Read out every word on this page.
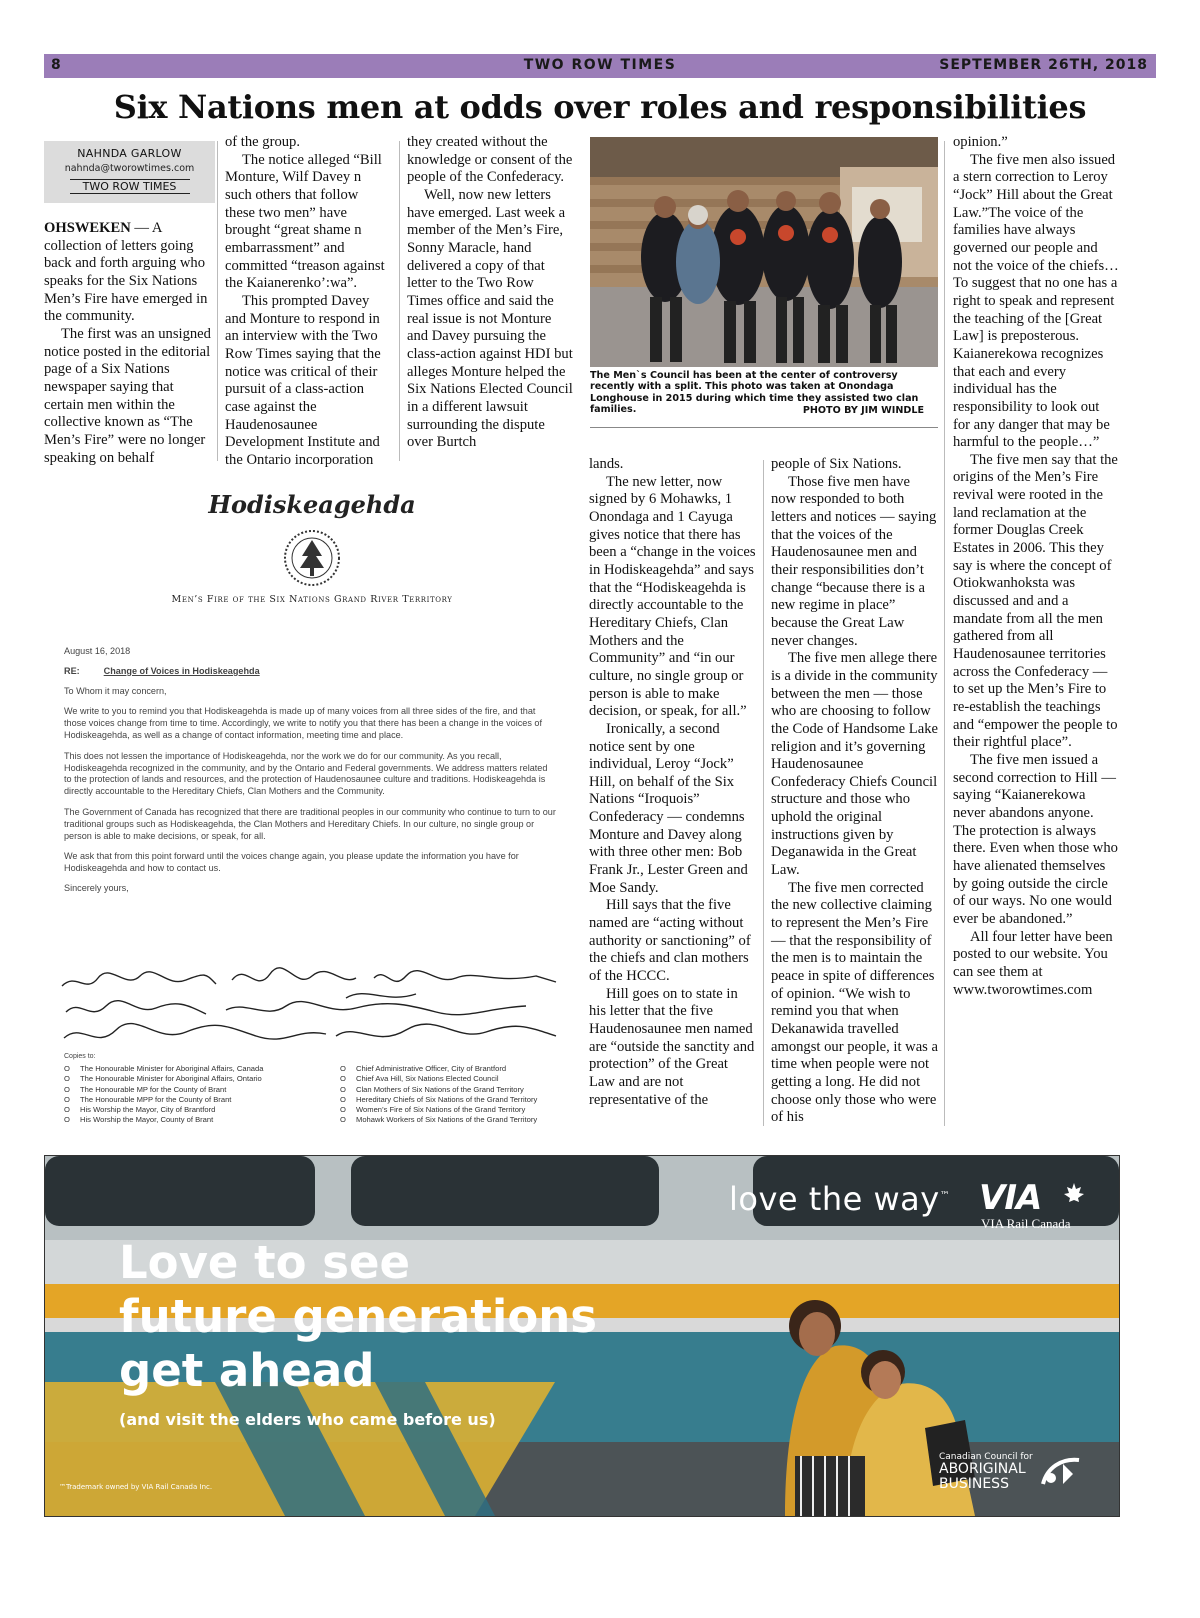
8	TWO ROW TIMES	SEPTEMBER 26TH, 2018
Six Nations men at odds over roles and responsibilities
NAHNDA GARLOW
nahnda@tworowtimes.com
TWO ROW TIMES

OHSWEKEN — A collection of letters going back and forth arguing who speaks for the Six Nations Men’s Fire have emerged in the community.

The first was an unsigned notice posted in the editorial page of a Six Nations newspaper saying that certain men within the collective known as “The Men’s Fire” were no longer speaking on behalf

of the group.

The notice alleged “Bill Monture, Wilf Davey n such others that follow these two men” have brought “great shame n embarrassment” and committed “treason against the Kaianerenko’:wa”.

This prompted Davey and Monture to respond in an interview with the Two Row Times saying that the notice was critical of their pursuit of a class-action case against the Haudenosaunee Development Institute and the Ontario incorporation

they created without the knowledge or consent of the people of the Confederacy.

Well, now new letters have emerged. Last week a member of the Men’s Fire, Sonny Maracle, hand delivered a copy of that letter to the Two Row Times office and said the real issue is not Monture and Davey pursuing the class-action against HDI but alleges Monture helped the Six Nations Elected Council in a different lawsuit surrounding the dispute over Burtch

lands.

The new letter, now signed by 6 Mohawks, 1 Onondaga and 1 Cayuga gives notice that there has been a “change in the voices in Hodiskeagehda” and says that the “Hodiskeagehda is directly accountable to the Hereditary Chiefs, Clan Mothers and the Community” and “in our culture, no single group or person is able to make decision, or speak, for all.”

Ironically, a second notice sent by one individual, Leroy “Jock” Hill, on behalf of the Six Nations “Iroquois” Confederacy — condemns Monture and Davey along with three other men: Bob Frank Jr., Lester Green and Moe Sandy.

Hill says that the five named are “acting without authority or sanctioning” of the chiefs and clan mothers of the HCCC.

Hill goes on to state in his letter that the five Haudenosaunee men named are “outside the sanctity and protection” of the Great Law and are not representative of the

people of Six Nations.

Those five men have now responded to both letters and notices — saying that the voices of the Haudenosaunee men and their responsibilities don’t change “because there is a new regime in place” because the Great Law never changes.

The five men allege there is a divide in the community between the men — those who are choosing to follow the Code of Handsome Lake religion and it’s governing Haudenosaunee Confederacy Chiefs Council structure and those who uphold the original instructions given by Deganawida in the Great Law.

The five men corrected the new collective claiming to represent the Men’s Fire — that the responsibility of the men is to maintain the peace in spite of differences of opinion. “We wish to remind you that when Dekanawida travelled amongst our people, it was a time when people were not getting a long. He did not choose only those who were of his

opinion.”

The five men also issued a stern correction to Leroy “Jock” Hill about the Great Law.”The voice of the families have always governed our people and not the voice of the chiefs…To suggest that no one has a right to speak and represent the teaching of the [Great Law] is preposterous. Kaianerekowa recognizes that each and every individual has the responsibility to look out for any danger that may be harmful to the people…”

The five men say that the origins of the Men’s Fire revival were rooted in the land reclamation at the former Douglas Creek Estates in 2006. This they say is where the concept of Otiokwanhoksta was discussed and and a mandate from all the men gathered from all Haudenosaunee territories across the Confederacy — to set up the Men’s Fire to re-establish the teachings and “empower the people to their rightful place”.

The five men issued a second correction to Hill — saying “Kaianerekowa never abandons anyone. The protection is always there. Even when those who have alienated themselves by going outside the circle of our ways. No one would ever be abandoned.”

All four letter have been posted to our website. You can see them at www.tworowtimes.com

The Men`s Council has been at the center of controversy recently with a split. This photo was taken at Onondaga Longhouse in 2015 during which time they assisted two clan families.	PHOTO BY JIM WINDLE
Hodiskeagehda
Men’s Fire of the Six Nations Grand River Territory
August 16, 2018
RE:	Change of Voices in Hodiskeagehda
To Whom it may concern,
We write to you to remind you that Hodiskeagehda is made up of many voices from all three sides of the fire, and that those voices change from time to time. Accordingly, we write to notify you that there has been a change in the voices of Hodiskeagehda, as well as a change of contact information, meeting time and place.
This does not lessen the importance of Hodiskeagehda, nor the work we do for our community. As you recall, Hodiskeagehda recognized in the community, and by the Ontario and Federal governments. We address matters related to the protection of lands and resources, and the protection of Haudenosaunee culture and traditions. Hodiskeagehda is directly accountable to the Hereditary Chiefs, Clan Mothers and the Community.
The Government of Canada has recognized that there are traditional peoples in our community who continue to turn to our traditional groups such as Hodiskeagehda, the Clan Mothers and Hereditary Chiefs. In our culture, no single group or person is able to make decisions, or speak, for all.
We ask that from this point forward until the voices change again, you please update the information you have for Hodiskeagehda and how to contact us.
Sincerely yours,
Copies to:
O The Honourable Minister for Aboriginal Affairs, Canada
O The Honourable Minister for Aboriginal Affairs, Ontario
O The Honourable MP for the County of Brant
O The Honourable MPP for the County of Brant
O His Worship the Mayor, City of Brantford
O His Worship the Mayor, County of Brant
O Chief Administrative Officer, City of Brantford
O Chief Ava Hill, Six Nations Elected Council
O Clan Mothers of Six Nations of the Grand Territory
O Hereditary Chiefs of Six Nations of the Grand Territory
O Women’s Fire of Six Nations of the Grand Territory
O Mohawk Workers of Six Nations of the Grand Territory
love the way™ VIA
VIA Rail Canada
Love to see
future generations
get ahead
(and visit the elders who came before us)
™Trademark owned by VIA Rail Canada Inc.
Canadian Council for
ABORIGINAL
BUSINESS
